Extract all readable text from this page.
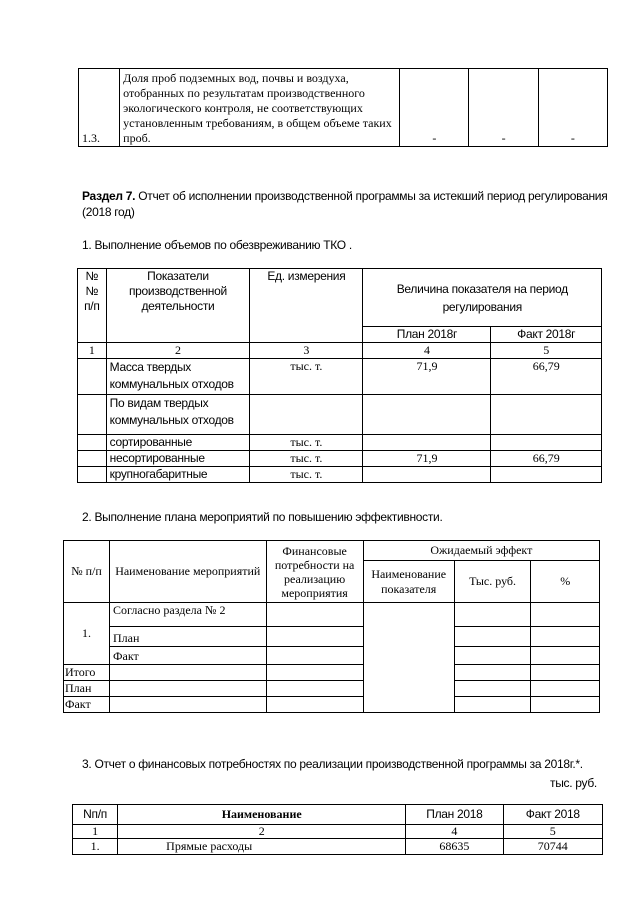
1.3.	Доля проб подземных вод, почвы и воздуха, отобранных по результатам производственного экологического контроля, не соответствующих установленным требованиям, в общем объеме таких проб.	-	-	-
Раздел 7. Отчет об исполнении производственной программы за истекший период регулирования
(2018 год)
1. Выполнение объемов по обезвреживанию ТКО .
№№ п/п	Показатели производственной деятельности	Ед. измерения	Величина показателя на период регулирования	
			План 2018г	Факт 2018г
1	2	3	4	5
	Масса твердых коммунальных отходов	тыс. т.	71,9	66,79
	По видам твердых коммунальных отходов			
	сортированные	тыс. т.		
	несортированные	тыс. т.	71,9	66,79
	крупногабаритные	тыс. т.		
2. Выполнение плана мероприятий по повышению эффективности.
№ п/п	Наименование мероприятий	Финансовые потребности на реализацию мероприятия	Ожидаемый эффект		
			Наименование показателя	Тыс. руб.	%
1.	Согласно раздела № 2				
	План				
	Факт				
Итого					
План					
Факт					
3. Отчет о финансовых потребностях по реализации производственной программы за 2018г.*.
тыс. руб.
Nп/п	Наименование	План 2018	Факт 2018
1	2	4	5
1.	Прямые расходы	68635	70744
